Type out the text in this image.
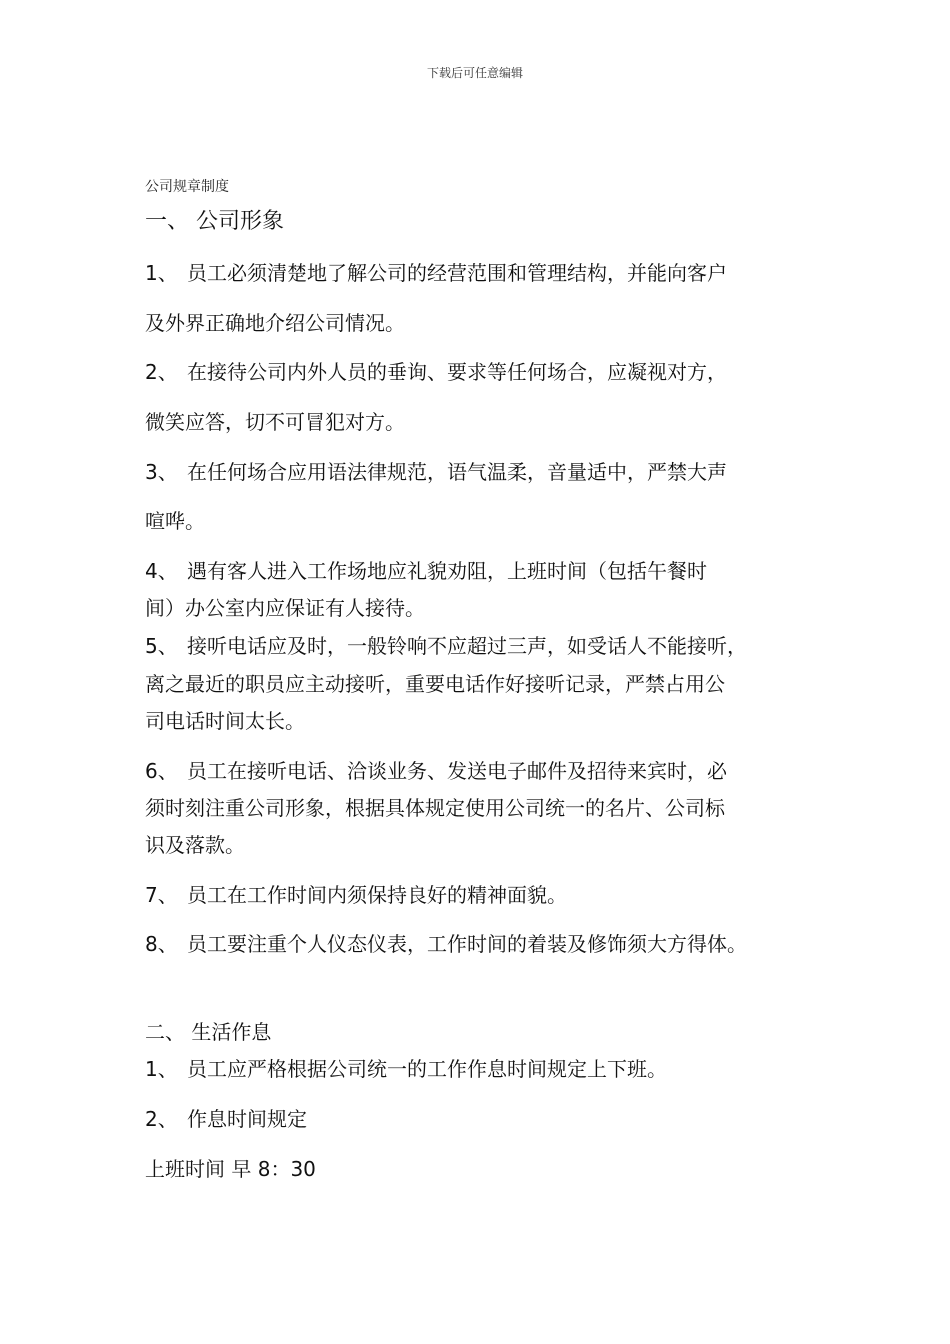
下载后可任意编辑
公司规章制度
一、 公司形象
1、 员工必须清楚地了解公司的经营范围和管理结构，并能向客户
及外界正确地介绍公司情况。
2、 在接待公司内外人员的垂询、要求等任何场合，应凝视对方，
微笑应答，切不可冒犯对方。
3、 在任何场合应用语法律规范，语气温柔，音量适中，严禁大声
喧哗。
4、 遇有客人进入工作场地应礼貌劝阻，上班时间（包括午餐时
间）办公室内应保证有人接待。
5、 接听电话应及时，一般铃响不应超过三声，如受话人不能接听，
离之最近的职员应主动接听，重要电话作好接听记录，严禁占用公
司电话时间太长。
6、 员工在接听电话、洽谈业务、发送电子邮件及招待来宾时，必
须时刻注重公司形象，根据具体规定使用公司统一的名片、公司标
识及落款。
7、 员工在工作时间内须保持良好的精神面貌。
8、 员工要注重个人仪态仪表，工作时间的着装及修饰须大方得体。
二、 生活作息
1、 员工应严格根据公司统一的工作作息时间规定上下班。
2、 作息时间规定
上班时间 早 8：30
